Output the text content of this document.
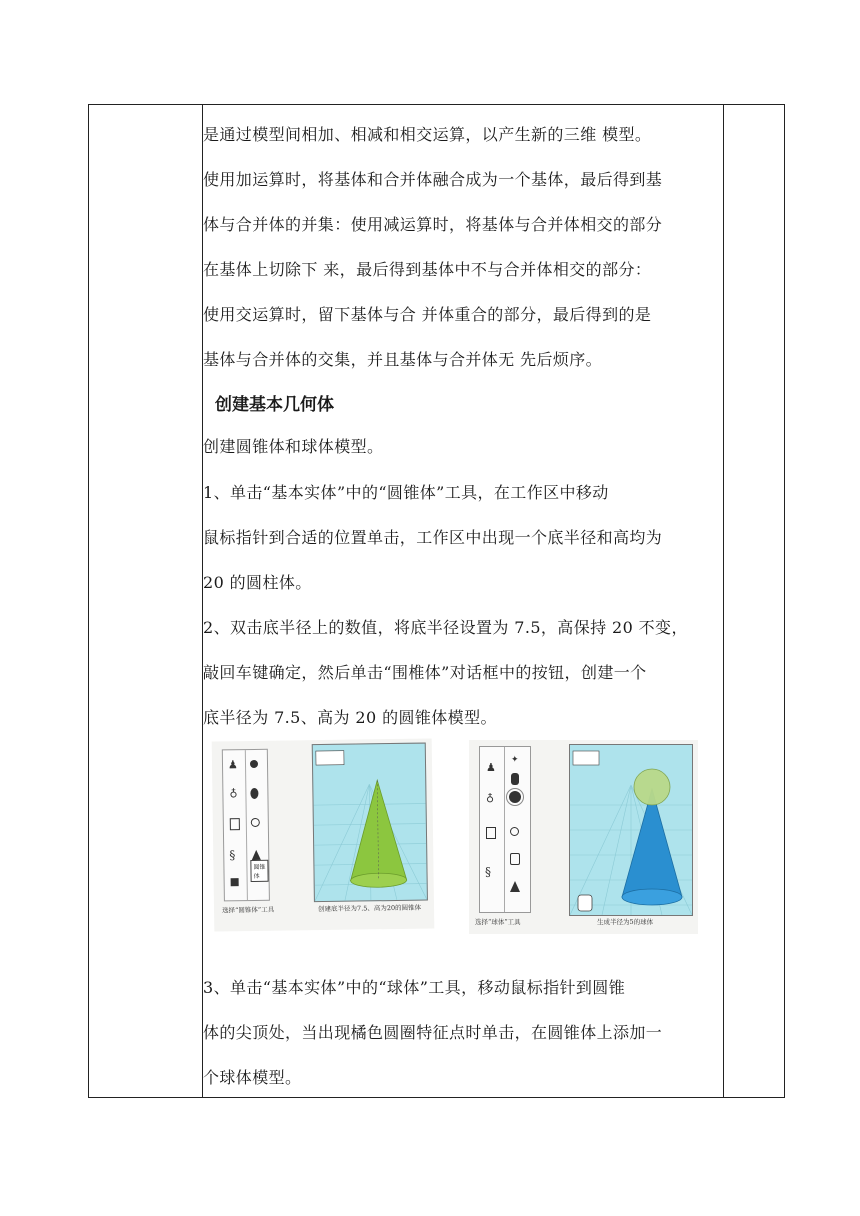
是通过模型间相加、相减和相交运算，以产生新的三维 模型。
使用加运算时，将基体和合并体融合成为一个基体，最后得到基
体与合并体的并集：使用减运算时，将基体与合并体相交的部分
在基体上切除下 来，最后得到基体中不与合并体相交的部分：
使用交运算时，留下基体与合 并体重合的部分，最后得到的是
基体与合并体的交集，并且基体与合并体无 先后烦序。
创建基本几何体
创建圆锥体和球体模型。
1、单击“基本实体”中的“圆锥体”工具，在工作区中移动
鼠标指针到合适的位置单击，工作区中出现一个底半径和高均为
20 的圆柱体。
2、双击底半径上的数值，将底半径设置为 7.5，高保持 20 不变，
敲回车键确定，然后单击“围椎体”对话框中的按钮，创建一个
底半径为 7.5、高为 20 的圆锥体模型。
3、单击“基本实体”中的“球体”工具，移动鼠标指针到圆锥
体的尖顶处，当出现橘色圆圈特征点时单击，在圆锥体上添加一
个球体模型。
♟
♁
§
圆锥体
选择“圆锥体”工具	创建底半径为7.5、高为20的圆锥体
♟
✦
♁
§
选择“球体”工具	生成半径为5的球体
